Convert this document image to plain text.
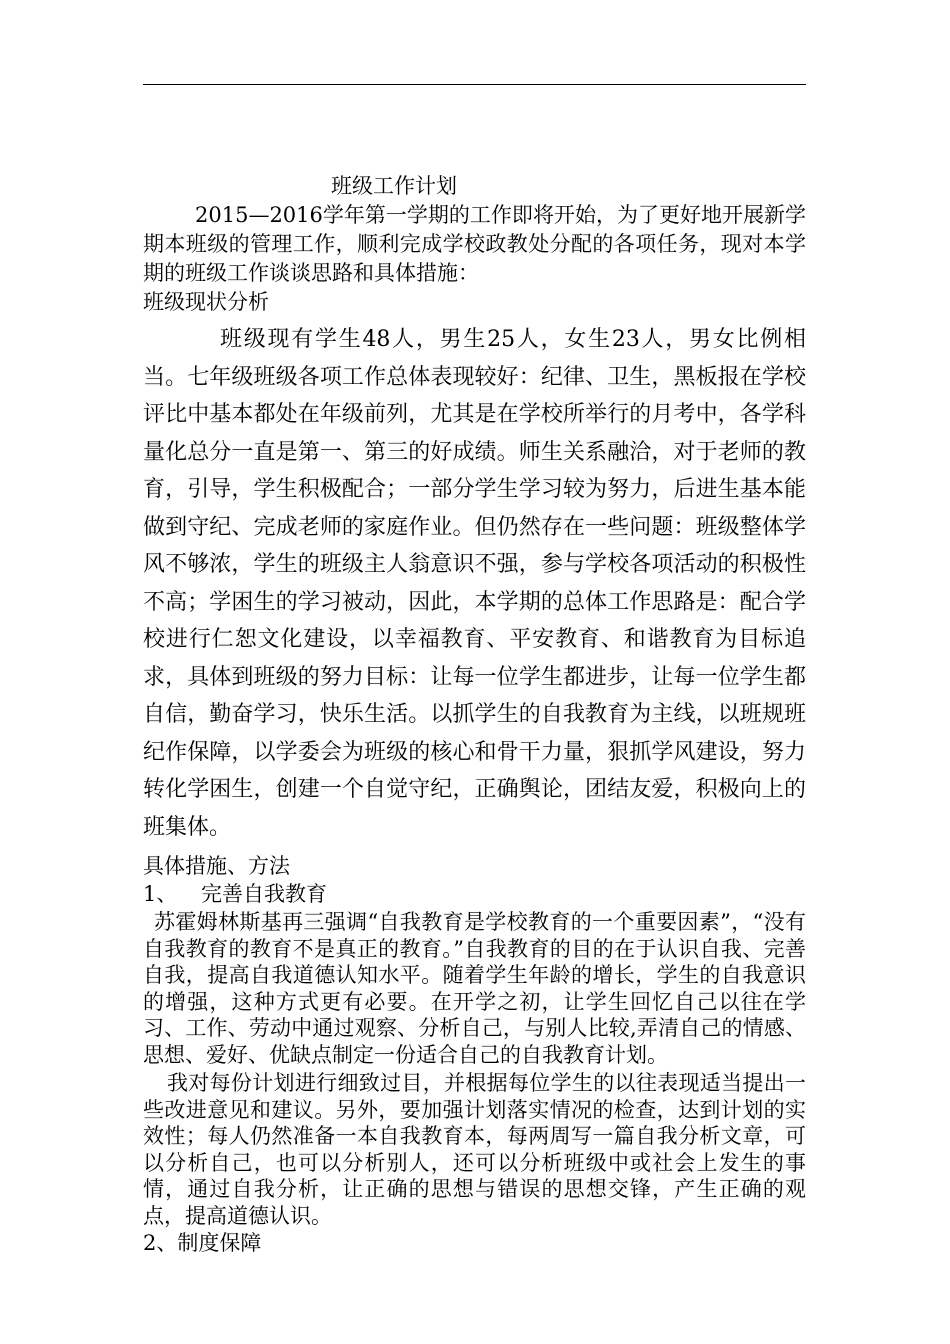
班级工作计划

2015—2016学年第一学期的工作即将开始，为了更好地开展新学期本班级的管理工作，顺利完成学校政教处分配的各项任务，现对本学期的班级工作谈谈思路和具体措施：

班级现状分析

班级现有学生48人，男生25人，女生23人，男女比例相当。七年级班级各项工作总体表现较好：纪律、卫生，黑板报在学校评比中基本都处在年级前列，尤其是在学校所举行的月考中，各学科量化总分一直是第一、第三的好成绩。师生关系融洽，对于老师的教育，引导，学生积极配合；一部分学生学习较为努力，后进生基本能做到守纪、完成老师的家庭作业。但仍然存在一些问题：班级整体学风不够浓，学生的班级主人翁意识不强，参与学校各项活动的积极性不高；学困生的学习被动，因此，本学期的总体工作思路是：配合学校进行仁恕文化建设，以幸福教育、平安教育、和谐教育为目标追求，具体到班级的努力目标：让每一位学生都进步，让每一位学生都自信，勤奋学习，快乐生活。以抓学生的自我教育为主线，以班规班纪作保障，以学委会为班级的核心和骨干力量，狠抓学风建设，努力转化学困生，创建一个自觉守纪，正确舆论，团结友爱，积极向上的班集体。

具体措施、方法

1、 完善自我教育

苏霍姆林斯基再三强调“自我教育是学校教育的一个重要因素”，“没有自我教育的教育不是真正的教育。”自我教育的目的在于认识自我、完善自我，提高自我道德认知水平。随着学生年龄的增长，学生的自我意识的增强，这种方式更有必要。在开学之初，让学生回忆自己以往在学习、工作、劳动中通过观察、分析自己，与别人比较,弄清自己的情感、思想、爱好、优缺点制定一份适合自己的自我教育计划。

我对每份计划进行细致过目，并根据每位学生的以往表现适当提出一些改进意见和建议。另外，要加强计划落实情况的检查，达到计划的实效性；每人仍然准备一本自我教育本，每两周写一篇自我分析文章，可以分析自己，也可以分析别人，还可以分析班级中或社会上发生的事情，通过自我分析，让正确的思想与错误的思想交锋，产生正确的观点，提高道德认识。

2、制度保障
